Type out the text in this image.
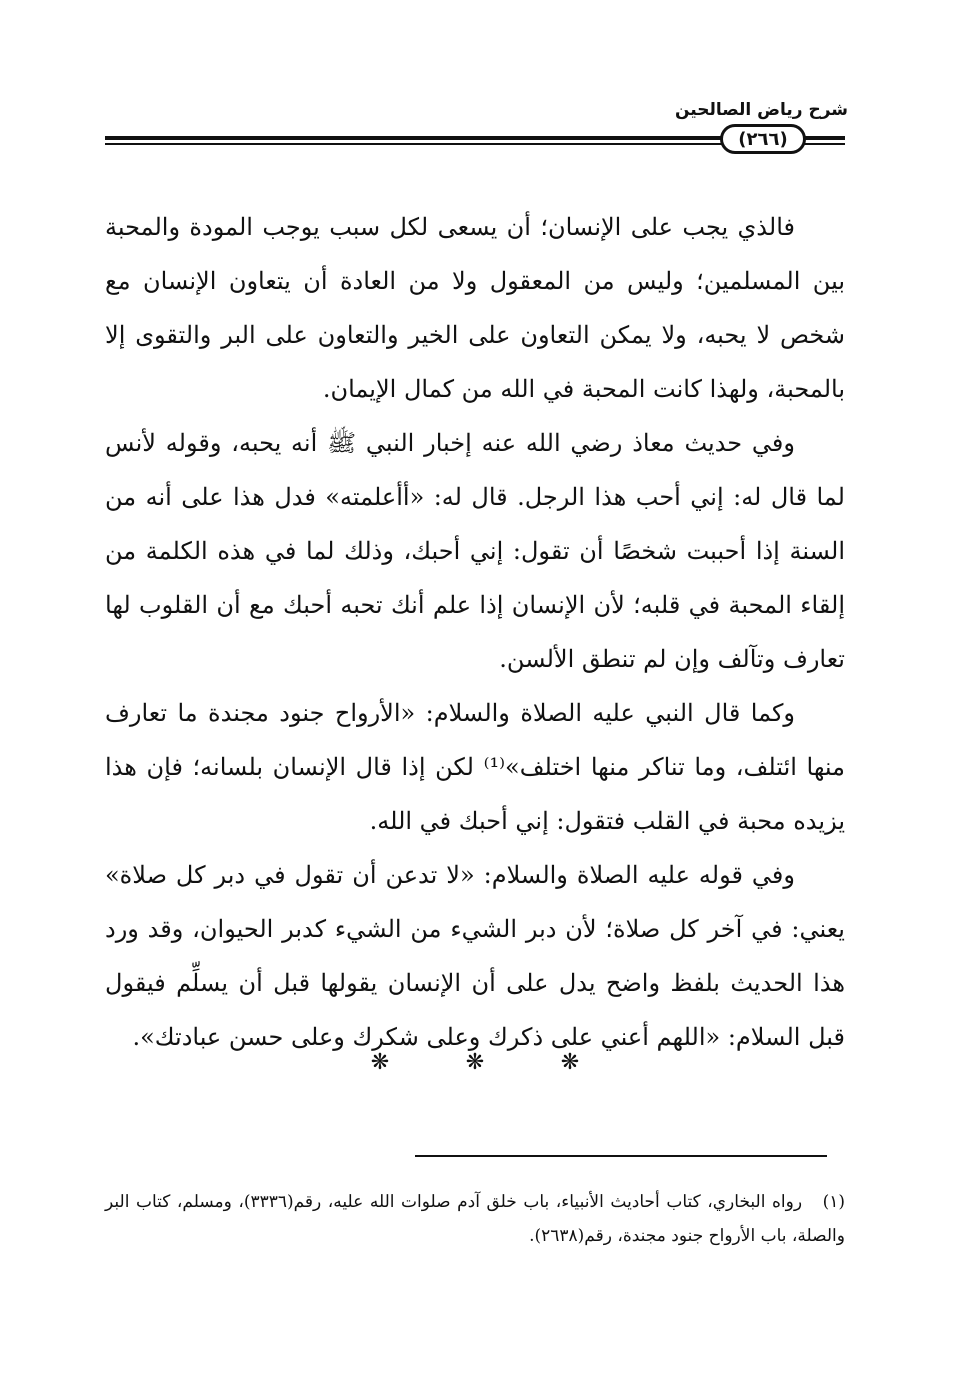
شرح رياض الصالحين
(٢٦٦)

فالذي يجب على الإنسان؛ أن يسعى لكل سبب يوجب المودة والمحبة بين المسلمين؛ وليس من المعقول ولا من العادة أن يتعاون الإنسان مع شخص لا يحبه، ولا يمكن التعاون على الخير والتعاون على البر والتقوى إلا بالمحبة، ولهذا كانت المحبة في الله من كمال الإيمان.

وفي حديث معاذ رضي الله عنه إخبار النبي ﷺ أنه يحبه، وقوله لأنس لما قال له: إني أحب هذا الرجل. قال له: «أأعلمته» فدل هذا على أنه من السنة إذا أحببت شخصًا أن تقول: إني أحبك، وذلك لما في هذه الكلمة من إلقاء المحبة في قلبه؛ لأن الإنسان إذا علم أنك تحبه أحبك مع أن القلوب لها تعارف وتآلف وإن لم تنطق الألسن.

وكما قال النبي عليه الصلاة والسلام: «الأرواح جنود مجندة ما تعارف منها ائتلف، وما تناكر منها اختلف»⁽¹⁾ لكن إذا قال الإنسان بلسانه؛ فإن هذا يزيده محبة في القلب فتقول: إني أحبك في الله.

وفي قوله عليه الصلاة والسلام: «لا تدعن أن تقول في دبر كل صلاة» يعني: في آخر كل صلاة؛ لأن دبر الشيء من الشيء كدبر الحيوان، وقد ورد هذا الحديث بلفظ واضح يدل على أن الإنسان يقولها قبل أن يسلِّم فيقول قبل السلام: «اللهم أعني على ذكرك وعلى شكرك وعلى حسن عبادتك».

❋	❋	❋

(١) رواه البخاري، كتاب أحاديث الأنبياء، باب خلق آدم صلوات الله عليه، رقم(٣٣٣٦)، ومسلم، كتاب البر والصلة، باب الأرواح جنود مجندة، رقم(٢٦٣٨).
